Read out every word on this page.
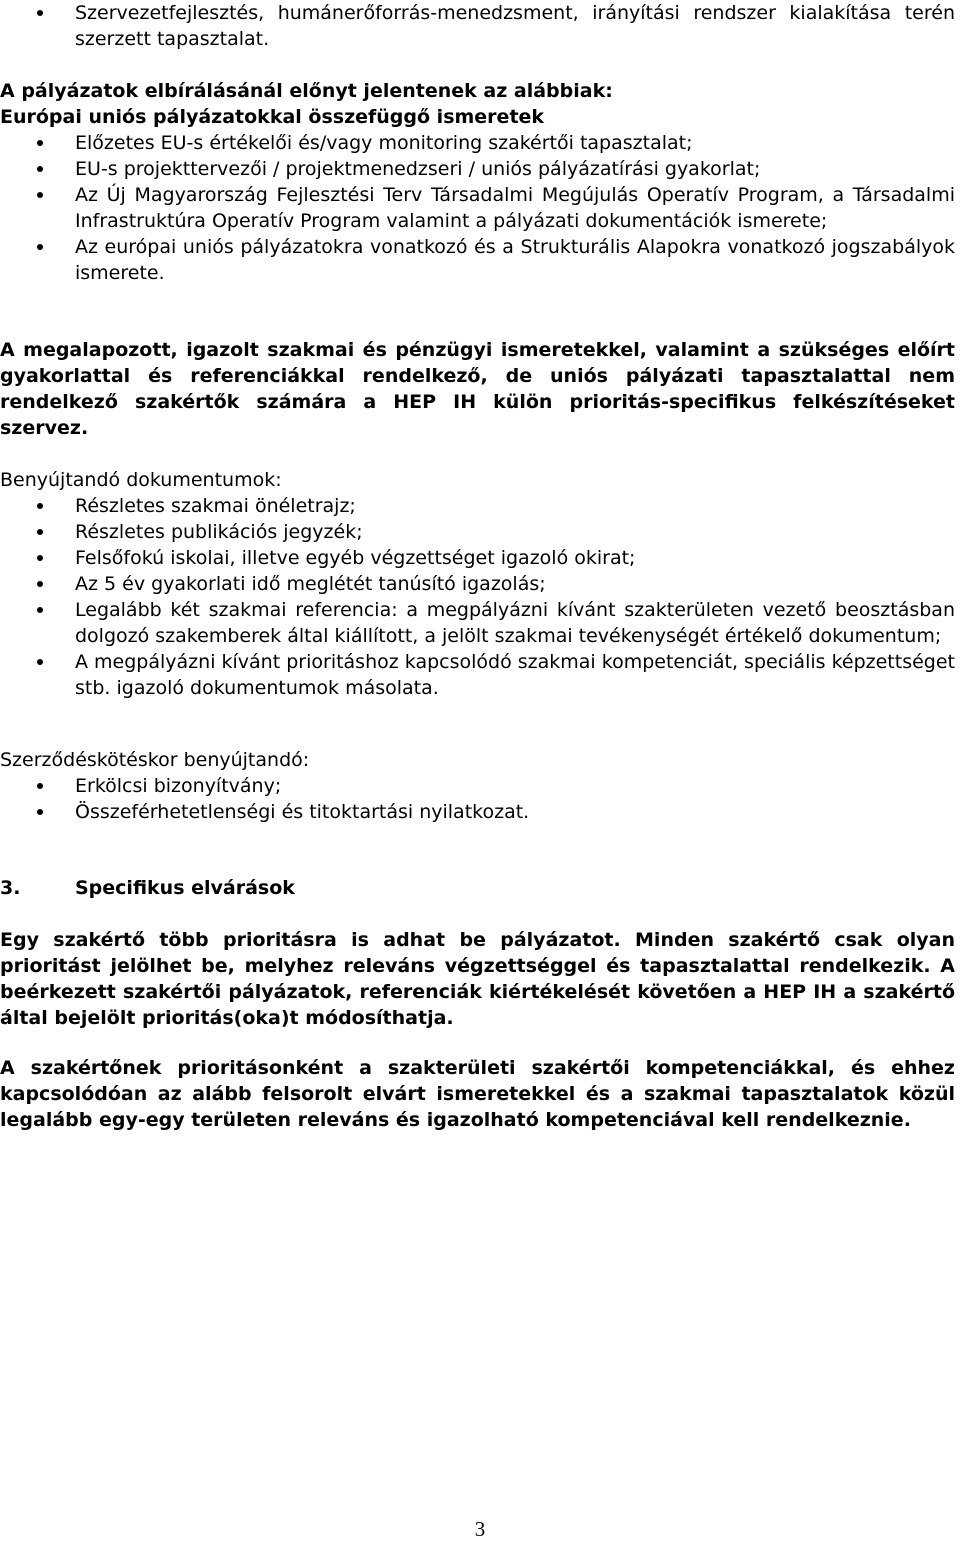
Szervezetfejlesztés, humánerőforrás-menedzsment, irányítási rendszer kialakítása terén szerzett tapasztalat.

A pályázatok elbírálásánál előnyt jelentenek az alábbiak:

Európai uniós pályázatokkal összefüggő ismeretek

Előzetes EU-s értékelői és/vagy monitoring szakértői tapasztalat;
EU-s projekttervezői / projektmenedzseri / uniós pályázatírási gyakorlat;
Az Új Magyarország Fejlesztési Terv Társadalmi Megújulás Operatív Program, a Társadalmi Infrastruktúra Operatív Program valamint a pályázati dokumentációk ismerete;
Az európai uniós pályázatokra vonatkozó és a Strukturális Alapokra vonatkozó jogszabályok ismerete.

A megalapozott, igazolt szakmai és pénzügyi ismeretekkel, valamint a szükséges előírt gyakorlattal és referenciákkal rendelkező, de uniós pályázati tapasztalattal nem rendelkező szakértők számára a HEP IH külön prioritás-specifikus felkészítéseket szervez.

Benyújtandó dokumentumok:

Részletes szakmai önéletrajz;
Részletes publikációs jegyzék;
Felsőfokú iskolai, illetve egyéb végzettséget igazoló okirat;
Az 5 év gyakorlati idő meglétét tanúsító igazolás;
Legalább két szakmai referencia: a megpályázni kívánt szakterületen vezető beosztásban dolgozó szakemberek által kiállított, a jelölt szakmai tevékenységét értékelő dokumentum;
A megpályázni kívánt prioritáshoz kapcsolódó szakmai kompetenciát, speciális képzettséget stb. igazoló dokumentumok másolata.

Szerződéskötéskor benyújtandó:

Erkölcsi bizonyítvány;
Összeférhetetlenségi és titoktartási nyilatkozat.
3.	Specifikus elvárások

Egy szakértő több prioritásra is adhat be pályázatot. Minden szakértő csak olyan prioritást jelölhet be, melyhez releváns végzettséggel és tapasztalattal rendelkezik. A beérkezett szakértői pályázatok, referenciák kiértékelését követően a HEP IH a szakértő által bejelölt prioritás(oka)t módosíthatja.

A szakértőnek prioritásonként a szakterületi szakértői kompetenciákkal, és ehhez kapcsolódóan az alább felsorolt elvárt ismeretekkel és a szakmai tapasztalatok közül legalább egy-egy területen releváns és igazolható kompetenciával kell rendelkeznie.

3
